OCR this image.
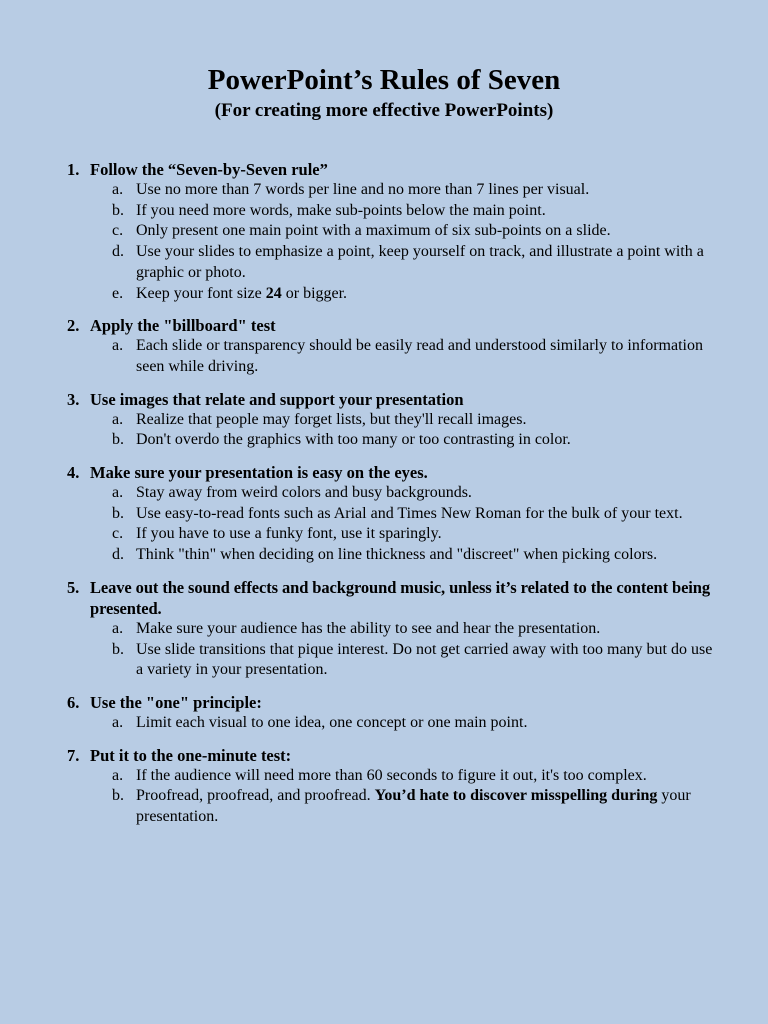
PowerPoint’s Rules of Seven
(For creating more effective PowerPoints)
1. Follow the “Seven-by-Seven rule”
a. Use no more than 7 words per line and no more than 7 lines per visual.
b. If you need more words, make sub-points below the main point.
c. Only present one main point with a maximum of six sub-points on a slide.
d. Use your slides to emphasize a point, keep yourself on track, and illustrate a point with a graphic or photo.
e. Keep your font size 24 or bigger.
2. Apply the "billboard" test
a. Each slide or transparency should be easily read and understood similarly to information seen while driving.
3. Use images that relate and support your presentation
a. Realize that people may forget lists, but they'll recall images.
b. Don't overdo the graphics with too many or too contrasting in color.
4. Make sure your presentation is easy on the eyes.
a. Stay away from weird colors and busy backgrounds.
b. Use easy-to-read fonts such as Arial and Times New Roman for the bulk of your text.
c. If you have to use a funky font, use it sparingly.
d. Think "thin" when deciding on line thickness and "discreet" when picking colors.
5. Leave out the sound effects and background music, unless it’s related to the content being presented.
a. Make sure your audience has the ability to see and hear the presentation.
b. Use slide transitions that pique interest. Do not get carried away with too many but do use a variety in your presentation.
6. Use the "one" principle:
a. Limit each visual to one idea, one concept or one main point.
7. Put it to the one-minute test:
a. If the audience will need more than 60 seconds to figure it out, it's too complex.
b. Proofread, proofread, and proofread. You’d hate to discover misspelling during your presentation.
